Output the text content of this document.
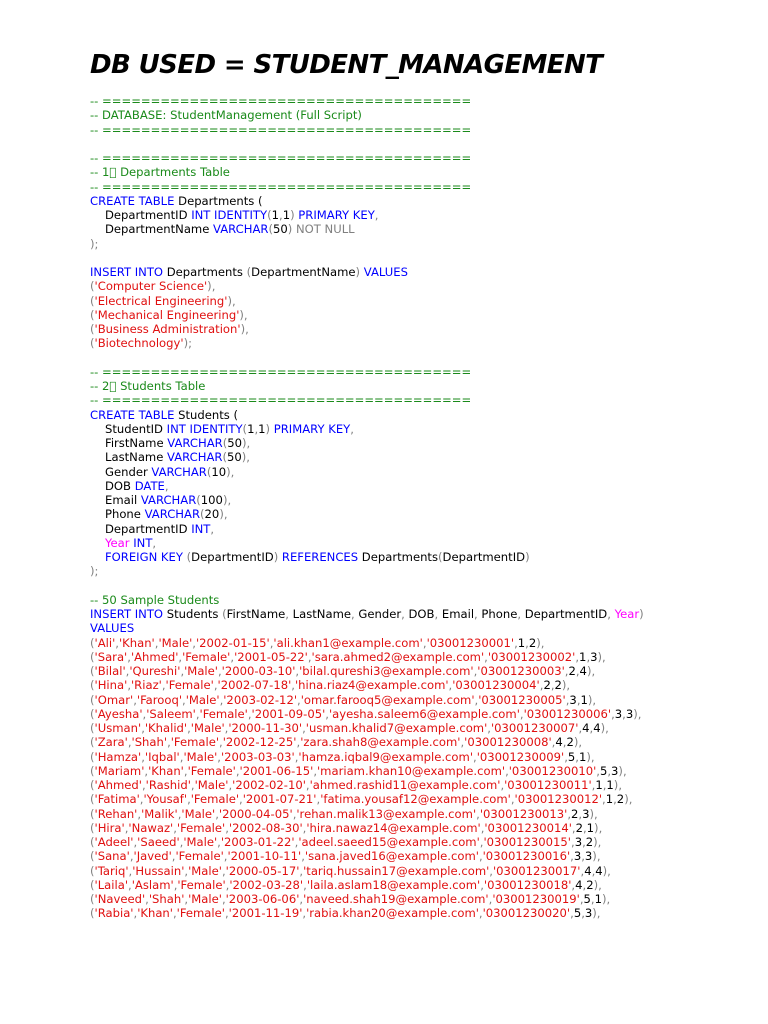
DB USED = STUDENT_MANAGEMENT
-- ======================================
-- DATABASE: StudentManagement (Full Script)
-- ======================================

-- ======================================
-- 1⃣ Departments Table
-- ======================================
CREATE TABLE Departments (
DepartmentID INT IDENTITY(1,1) PRIMARY KEY,
DepartmentName VARCHAR(50) NOT NULL
);

INSERT INTO Departments (DepartmentName) VALUES
('Computer Science'),
('Electrical Engineering'),
('Mechanical Engineering'),
('Business Administration'),
('Biotechnology');

-- ======================================
-- 2⃣ Students Table
-- ======================================
CREATE TABLE Students (
StudentID INT IDENTITY(1,1) PRIMARY KEY,
FirstName VARCHAR(50),
LastName VARCHAR(50),
Gender VARCHAR(10),
DOB DATE,
Email VARCHAR(100),
Phone VARCHAR(20),
DepartmentID INT,
Year INT,
FOREIGN KEY (DepartmentID) REFERENCES Departments(DepartmentID)
);

-- 50 Sample Students
INSERT INTO Students (FirstName, LastName, Gender, DOB, Email, Phone, DepartmentID, Year)
VALUES
('Ali','Khan','Male','2002-01-15','ali.khan1@example.com','03001230001',1,2),
('Sara','Ahmed','Female','2001-05-22','sara.ahmed2@example.com','03001230002',1,3),
('Bilal','Qureshi','Male','2000-03-10','bilal.qureshi3@example.com','03001230003',2,4),
('Hina','Riaz','Female','2002-07-18','hina.riaz4@example.com','03001230004',2,2),
('Omar','Farooq','Male','2003-02-12','omar.farooq5@example.com','03001230005',3,1),
('Ayesha','Saleem','Female','2001-09-05','ayesha.saleem6@example.com','03001230006',3,3),
('Usman','Khalid','Male','2000-11-30','usman.khalid7@example.com','03001230007',4,4),
('Zara','Shah','Female','2002-12-25','zara.shah8@example.com','03001230008',4,2),
('Hamza','Iqbal','Male','2003-03-03','hamza.iqbal9@example.com','03001230009',5,1),
('Mariam','Khan','Female','2001-06-15','mariam.khan10@example.com','03001230010',5,3),
('Ahmed','Rashid','Male','2002-02-10','ahmed.rashid11@example.com','03001230011',1,1),
('Fatima','Yousaf','Female','2001-07-21','fatima.yousaf12@example.com','03001230012',1,2),
('Rehan','Malik','Male','2000-04-05','rehan.malik13@example.com','03001230013',2,3),
('Hira','Nawaz','Female','2002-08-30','hira.nawaz14@example.com','03001230014',2,1),
('Adeel','Saeed','Male','2003-01-22','adeel.saeed15@example.com','03001230015',3,2),
('Sana','Javed','Female','2001-10-11','sana.javed16@example.com','03001230016',3,3),
('Tariq','Hussain','Male','2000-05-17','tariq.hussain17@example.com','03001230017',4,4),
('Laila','Aslam','Female','2002-03-28','laila.aslam18@example.com','03001230018',4,2),
('Naveed','Shah','Male','2003-06-06','naveed.shah19@example.com','03001230019',5,1),
('Rabia','Khan','Female','2001-11-19','rabia.khan20@example.com','03001230020',5,3),
